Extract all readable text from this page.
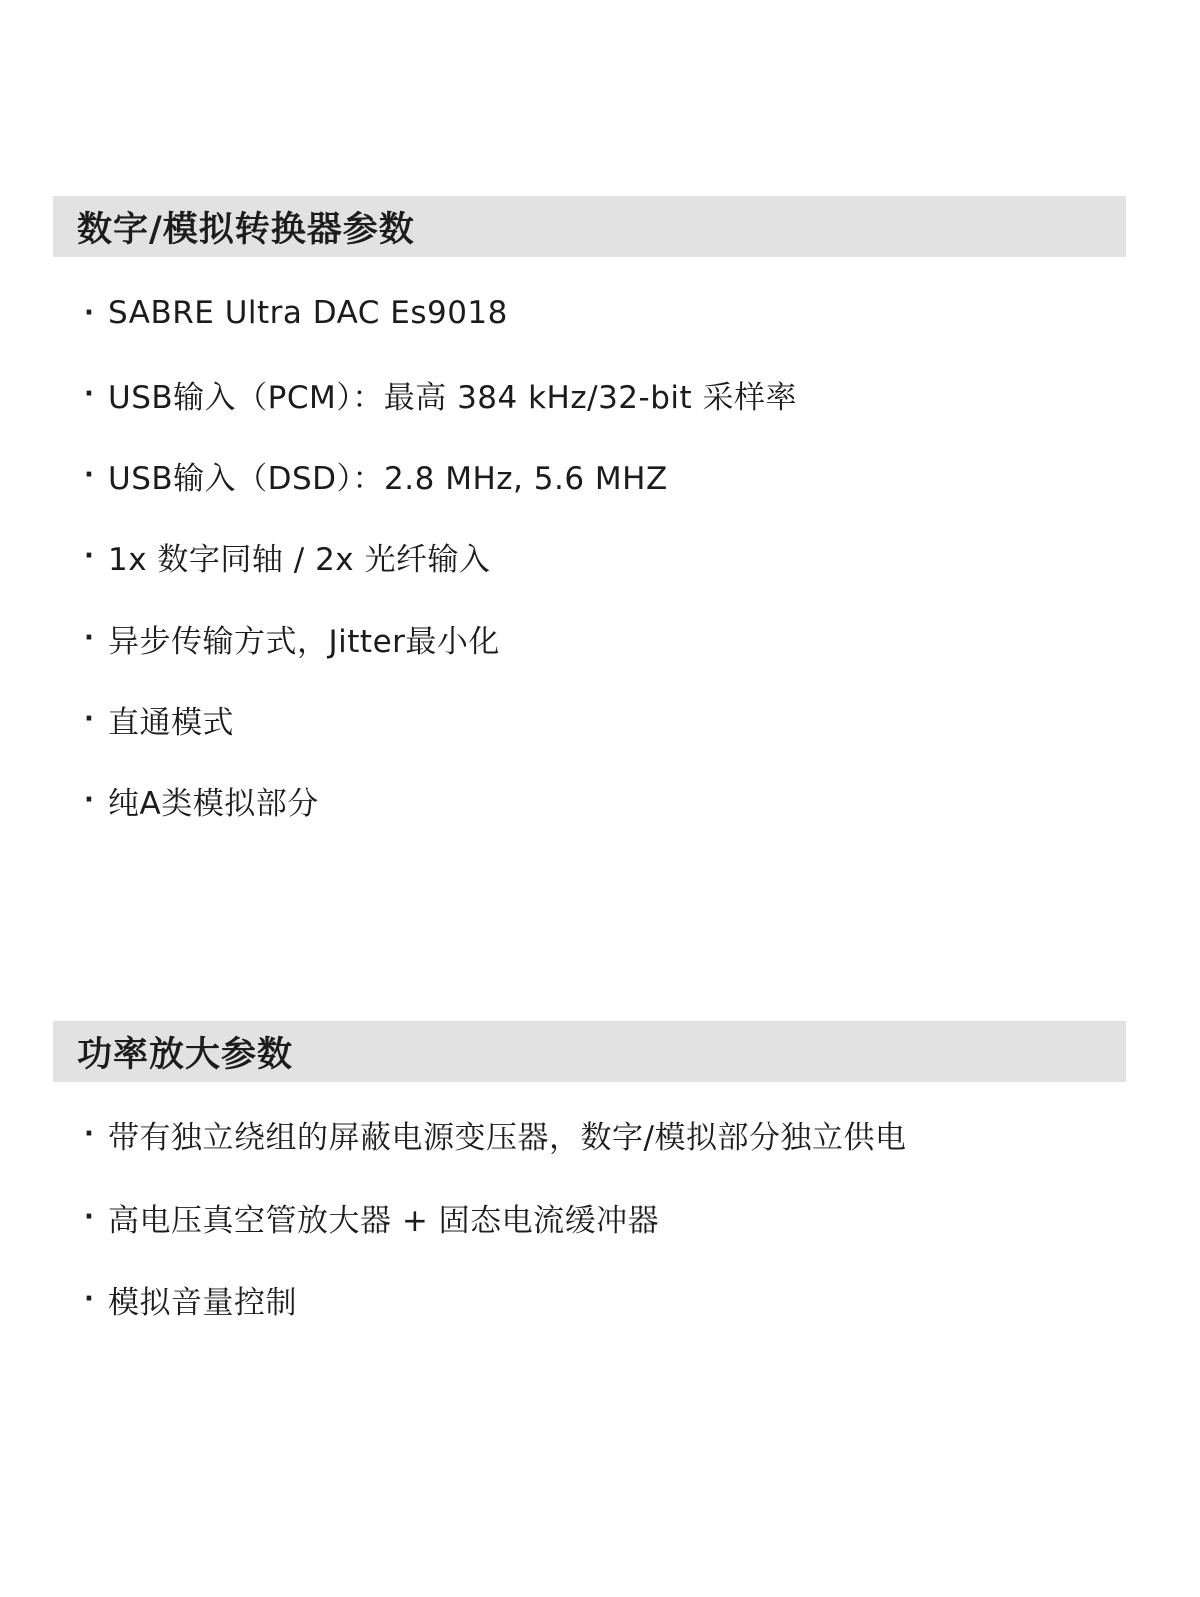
数字/模拟转换器参数
· SABRE Ultra DAC Es9018
· USB输入（PCM）：最高 384 kHz/32-bit 采样率
· USB输入（DSD）：2.8 MHz, 5.6 MHZ
· 1x 数字同轴 / 2x 光纤输入
· 异步传输方式，Jitter最小化
· 直通模式
· 纯A类模拟部分
功率放大参数
· 带有独立绕组的屏蔽电源变压器，数字/模拟部分独立供电
· 高电压真空管放大器 + 固态电流缓冲器
· 模拟音量控制
